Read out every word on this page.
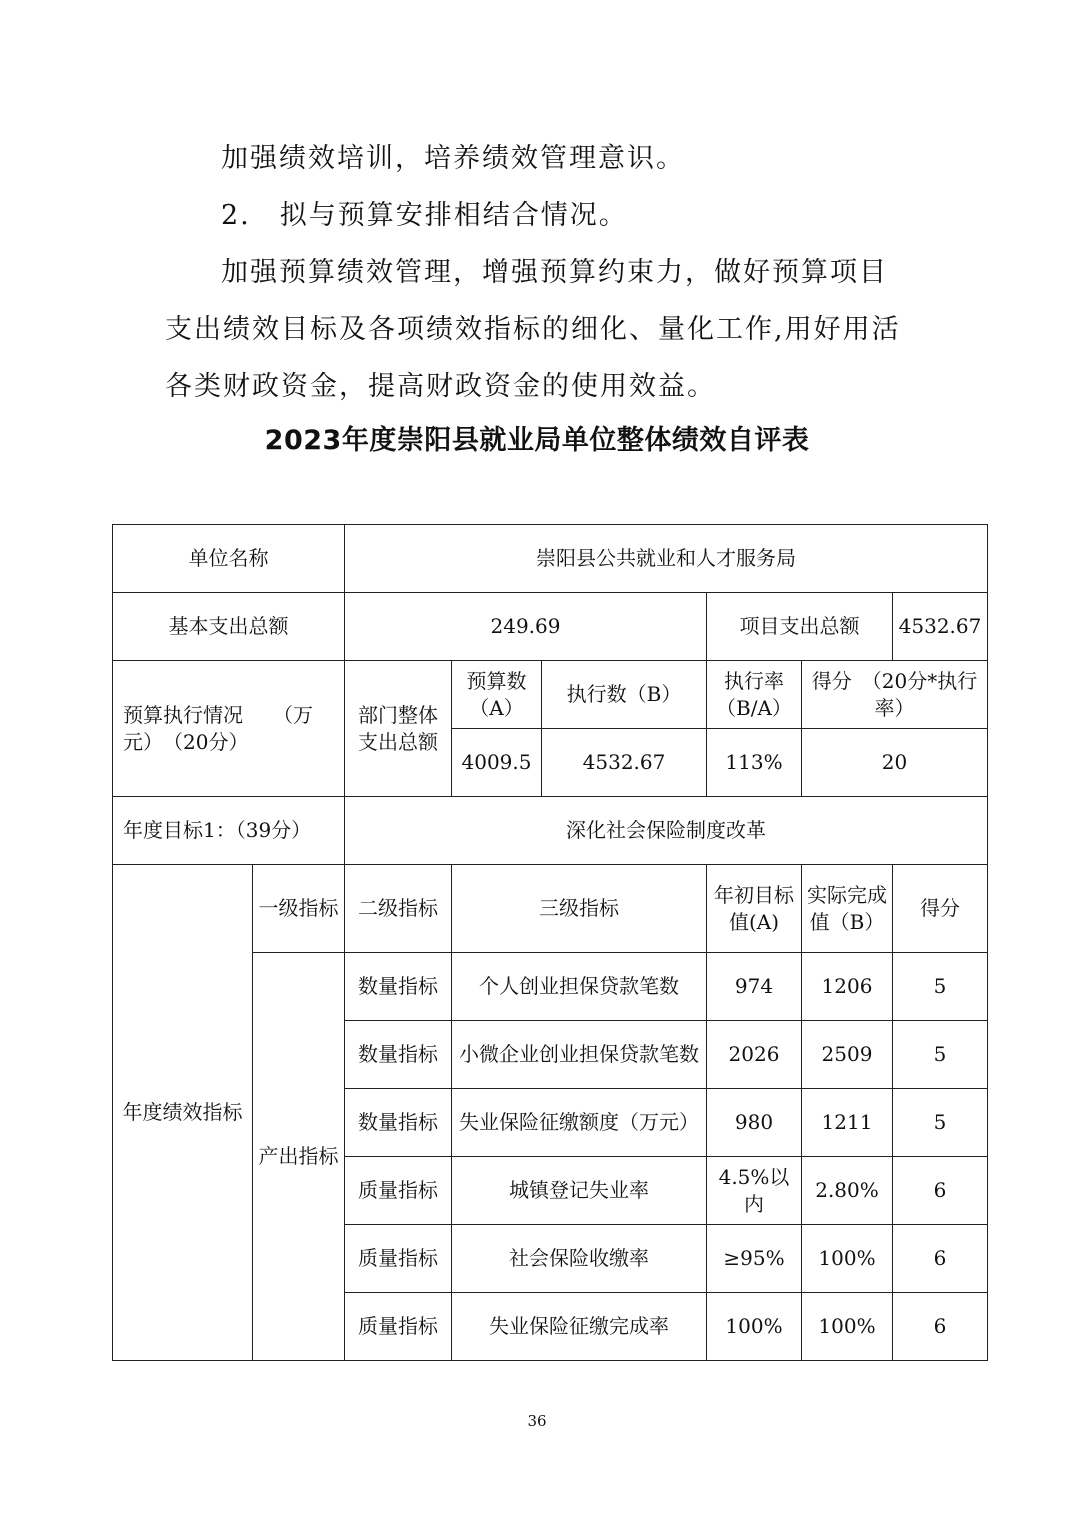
加强绩效培训，培养绩效管理意识。

2.　拟与预算安排相结合情况。

加强预算绩效管理，增强预算约束力，做好预算项目支出绩效目标及各项绩效指标的细化、量化工作,用好用活各类财政资金，提高财政资金的使用效益。

2023年度崇阳县就业局单位整体绩效自评表
单位名称		崇阳县公共就业和人才服务局					
基本支出总额		249.69			项目支出总额		4532.67
预算执行情况　　（万元）　（20分）		部门整体支出总额	预算数（A）	执行数（B）	执行率（B/A）	得分　（20分*执行率）	
			4009.5	4532.67	113%	20	
年度目标1：（39分）		深化社会保险制度改革					
年度绩效指标	一级指标	二级指标	三级指标		年初目标值(A)	实际完成值（B）	得分
	产出指标	数量指标	个人创业担保贷款笔数		974	1206	5
		数量指标	小微企业创业担保贷款笔数		2026	2509	5
		数量指标	失业保险征缴额度（万元）		980	1211	5
		质量指标	城镇登记失业率		4.5%以内	2.80%	6
		质量指标	社会保险收缴率		≥95%	100%	6
		质量指标	失业保险征缴完成率		100%	100%	6
36
